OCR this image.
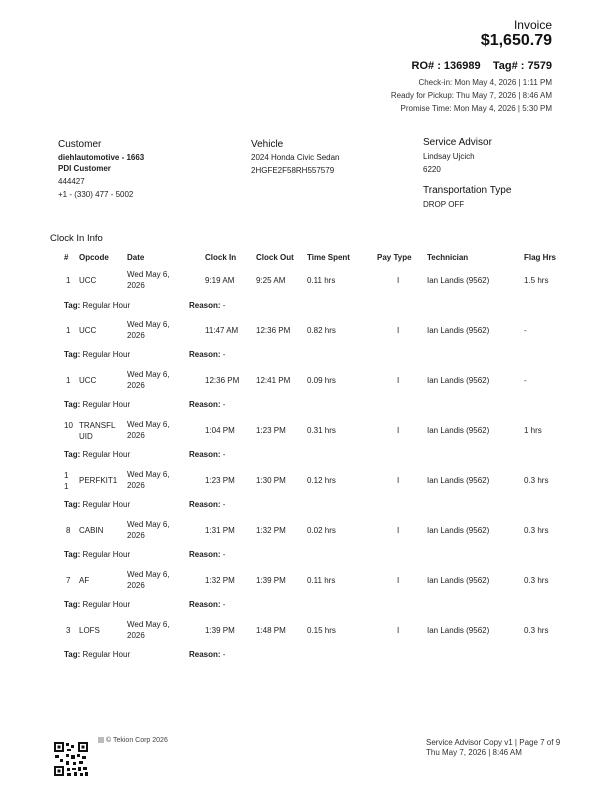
Invoice
$1,650.79
RO# : 136989 Tag# : 7579
Check-in: Mon May 4, 2026 | 1:11 PM
Ready for Pickup: Thu May 7, 2026 | 8:46 AM
Promise Time: Mon May 4, 2026 | 5:30 PM
Customer
diehlautomotive - 1663
PDI Customer
444427
+1 - (330) 477 - 5002
Vehicle
2024 Honda Civic Sedan
2HGFE2F58RH557579
Service Advisor
Lindsay Ujcich
6220
Transportation Type
DROP OFF
Clock In Info
# Opcode Date	Clock In Clock Out Time Spent	Pay Type Technician	Flag Hrs
1 UCC
Wed May 6, 2026
9:19 AM	9:25 AM	0.11 hrs	I	Ian Landis (9562)	1.5 hrs
Tag: Regular Hour	Reason: -
1 UCC
Wed May 6, 2026
11:47 AM 12:36 PM 0.82 hrs	I	Ian Landis (9562)	-
Tag: Regular Hour	Reason: -
1 UCC
Wed May 6, 2026
12:36 PM 12:41 PM 0.09 hrs	I	Ian Landis (9562)	-
Tag: Regular Hour	Reason: -
10 TRANSFLUID
Wed May 6, 2026
1:04 PM	1:23 PM	0.31 hrs	I	Ian Landis (9562)	1 hrs
Tag: Regular Hour	Reason: -
11
PERFKIT1
Wed May 6, 2026
1:23 PM	1:30 PM	0.12 hrs	I	Ian Landis (9562)	0.3 hrs
Tag: Regular Hour	Reason: -
8 CABIN
Wed May 6, 2026
1:31 PM	1:32 PM	0.02 hrs	I	Ian Landis (9562)	0.3 hrs
Tag: Regular Hour	Reason: -
7 AF
Wed May 6, 2026
1:32 PM	1:39 PM	0.11 hrs	I	Ian Landis (9562)	0.3 hrs
Tag: Regular Hour	Reason: -
3 LOFS
Wed May 6, 2026
1:39 PM	1:48 PM	0.15 hrs	I	Ian Landis (9562)	0.3 hrs
Tag: Regular Hour	Reason: -
© Tekion Corp 2026	Service Advisor Copy v1 | Page 7 of 9
Thu May 7, 2026 | 8:46 AM
